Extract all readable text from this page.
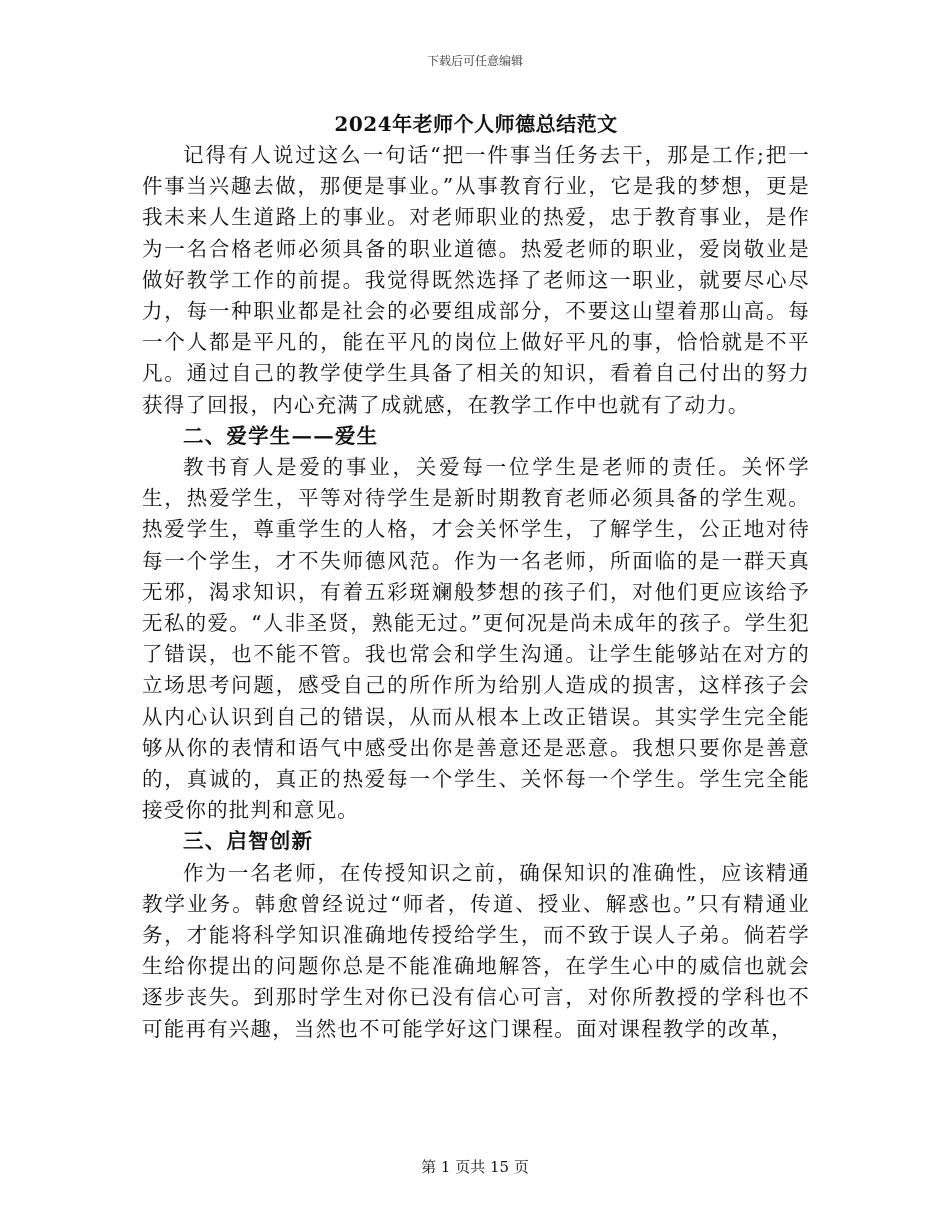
下载后可任意编辑
2024年老师个人师德总结范文

记得有人说过这么一句话“把一件事当任务去干，那是工作;把一件事当兴趣去做，那便是事业。”从事教育行业，它是我的梦想，更是我未来人生道路上的事业。对老师职业的热爱，忠于教育事业，是作为一名合格老师必须具备的职业道德。热爱老师的职业，爱岗敬业是做好教学工作的前提。我觉得既然选择了老师这一职业，就要尽心尽力，每一种职业都是社会的必要组成部分，不要这山望着那山高。每一个人都是平凡的，能在平凡的岗位上做好平凡的事，恰恰就是不平凡。通过自己的教学使学生具备了相关的知识，看着自己付出的努力获得了回报，内心充满了成就感，在教学工作中也就有了动力。

二、爱学生——爱生

教书育人是爱的事业，关爱每一位学生是老师的责任。关怀学生，热爱学生，平等对待学生是新时期教育老师必须具备的学生观。热爱学生，尊重学生的人格，才会关怀学生，了解学生，公正地对待每一个学生，才不失师德风范。作为一名老师，所面临的是一群天真无邪，渴求知识，有着五彩斑斓般梦想的孩子们，对他们更应该给予无私的爱。“人非圣贤，熟能无过。”更何况是尚未成年的孩子。学生犯了错误，也不能不管。我也常会和学生沟通。让学生能够站在对方的立场思考问题，感受自己的所作所为给别人造成的损害，这样孩子会从内心认识到自己的错误，从而从根本上改正错误。其实学生完全能够从你的表情和语气中感受出你是善意还是恶意。我想只要你是善意的，真诚的，真正的热爱每一个学生、关怀每一个学生。学生完全能接受你的批判和意见。

三、启智创新

作为一名老师，在传授知识之前，确保知识的准确性，应该精通教学业务。韩愈曾经说过“师者，传道、授业、解惑也。”只有精通业务，才能将科学知识准确地传授给学生，而不致于误人子弟。倘若学生给你提出的问题你总是不能准确地解答，在学生心中的威信也就会逐步丧失。到那时学生对你已没有信心可言，对你所教授的学科也不可能再有兴趣，当然也不可能学好这门课程。面对课程教学的改革，

第 1 页共 15 页
